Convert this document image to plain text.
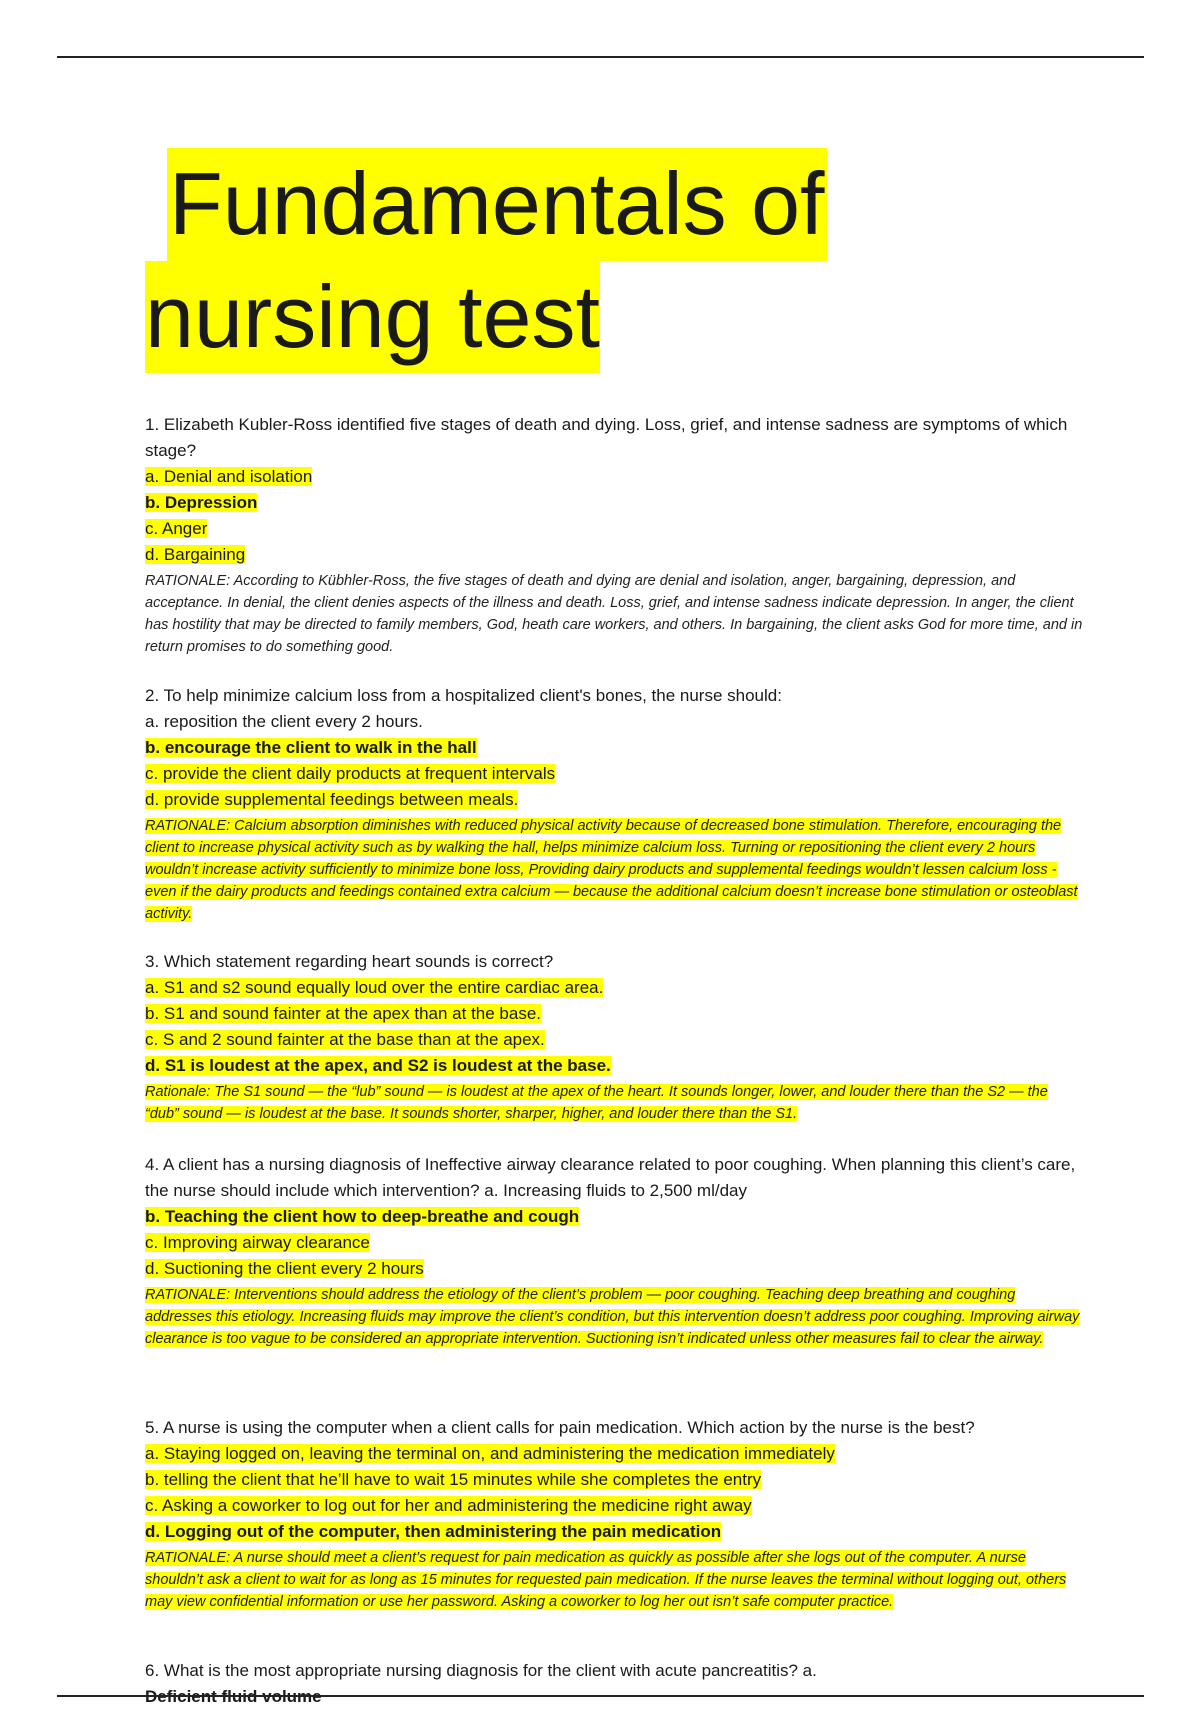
Fundamentals of
nursing test

1. Elizabeth Kubler-Ross identified five stages of death and dying. Loss, grief, and intense sadness are symptoms of which stage?

a. Denial and isolation

b. Depression

c. Anger

d. Bargaining

RATIONALE: According to Kübhler-Ross, the five stages of death and dying are denial and isolation, anger, bargaining, depression, and acceptance. In denial, the client denies aspects of the illness and death. Loss, grief, and intense sadness indicate depression. In anger, the client has hostility that may be directed to family members, God, heath care workers, and others. In bargaining, the client asks God for more time, and in return promises to do something good.

2. To help minimize calcium loss from a hospitalized client's bones, the nurse should:

a. reposition the client every 2 hours.

b. encourage the client to walk in the hall

c. provide the client daily products at frequent intervals

d. provide supplemental feedings between meals.

RATIONALE: Calcium absorption diminishes with reduced physical activity because of decreased bone stimulation. Therefore, encouraging the client to increase physical activity such as by walking the hall, helps minimize calcium loss. Turning or repositioning the client every 2 hours wouldn’t increase activity sufficiently to minimize bone loss, Providing dairy products and supplemental feedings wouldn’t lessen calcium loss - even if the dairy products and feedings contained extra calcium — because the additional calcium doesn’t increase bone stimulation or osteoblast activity.

3. Which statement regarding heart sounds is correct?

a. S1 and s2 sound equally loud over the entire cardiac area.

b. S1 and sound fainter at the apex than at the base.

c. S and 2 sound fainter at the base than at the apex.

d. S1 is loudest at the apex, and S2 is loudest at the base.

Rationale: The S1 sound — the “lub” sound — is loudest at the apex of the heart. It sounds longer, lower, and louder there than the S2 — the “dub” sound — is loudest at the base. It sounds shorter, sharper, higher, and louder there than the S1.

4. A client has a nursing diagnosis of Ineffective airway clearance related to poor coughing. When planning this client’s care, the nurse should include which intervention? a. Increasing fluids to 2,500 ml/day

b. Teaching the client how to deep-breathe and cough

c. Improving airway clearance

d. Suctioning the client every 2 hours

RATIONALE: Interventions should address the etiology of the client’s problem — poor coughing. Teaching deep breathing and coughing addresses this etiology. Increasing fluids may improve the client’s condition, but this intervention doesn’t address poor coughing. Improving airway clearance is too vague to be considered an appropriate intervention. Suctioning isn’t indicated unless other measures fail to clear the airway.

5. A nurse is using the computer when a client calls for pain medication. Which action by the nurse is the best?

a. Staying logged on, leaving the terminal on, and administering the medication immediately

b. telling the client that he’ll have to wait 15 minutes while she completes the entry

c. Asking a coworker to log out for her and administering the medicine right away

d. Logging out of the computer, then administering the pain medication

RATIONALE: A nurse should meet a client’s request for pain medication as quickly as possible after she logs out of the computer. A nurse shouldn’t ask a client to wait for as long as 15 minutes for requested pain medication. If the nurse leaves the terminal without logging out, others may view confidential information or use her password. Asking a coworker to log her out isn’t safe computer practice.

6. What is the most appropriate nursing diagnosis for the client with acute pancreatitis? a.
